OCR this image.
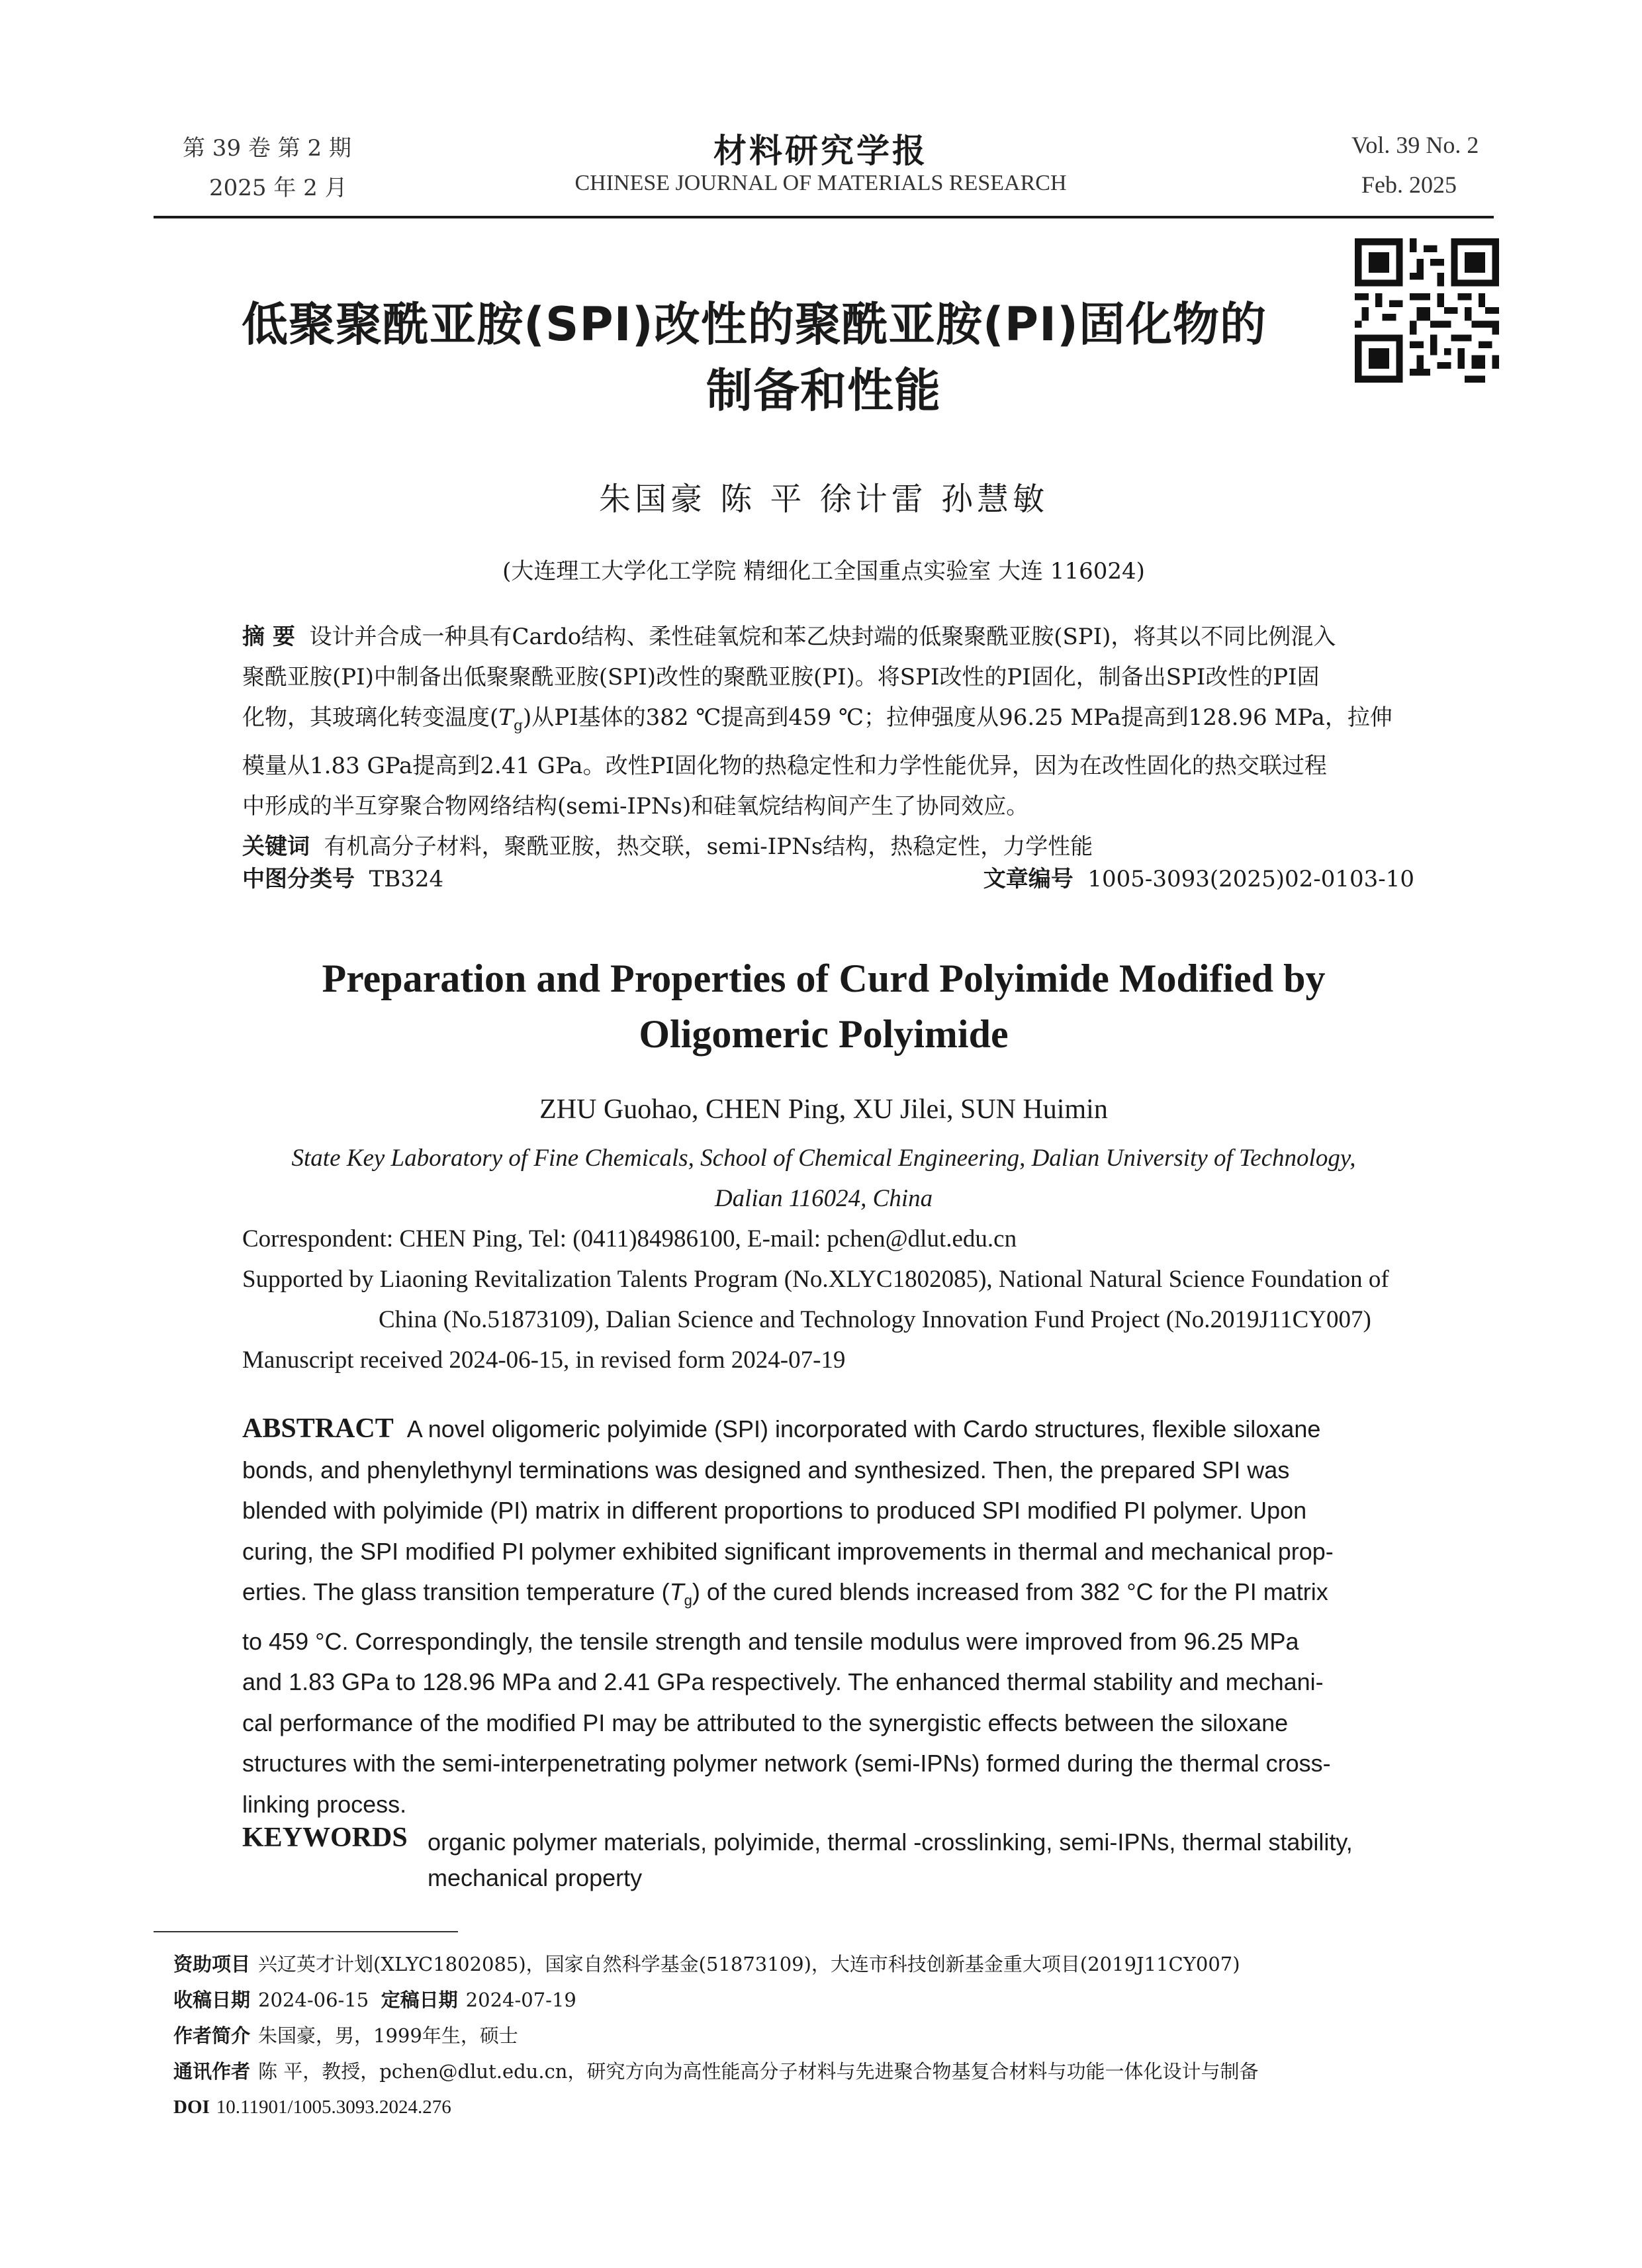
第 39 卷 第 2 期
2025 年 2 月
材料研究学报
CHINESE JOURNAL OF MATERIALS RESEARCH
Vol. 39 No. 2
Feb. 2025
低聚聚酰亚胺(SPI)改性的聚酰亚胺(PI)固化物的
制备和性能
朱国豪 陈 平 徐计雷 孙慧敏
(大连理工大学化工学院 精细化工全国重点实验室 大连 116024)
摘 要 设计并合成一种具有Cardo结构、柔性硅氧烷和苯乙炔封端的低聚聚酰亚胺(SPI)，将其以不同比例混入
聚酰亚胺(PI)中制备出低聚聚酰亚胺(SPI)改性的聚酰亚胺(PI)。将SPI改性的PI固化，制备出SPI改性的PI固
化物，其玻璃化转变温度$(T_g)$从PI基体的382 ℃提高到459 ℃；拉伸强度从96.25 MPa提高到128.96 MPa，拉伸
模量从1.83 GPa提高到2.41 GPa。改性PI固化物的热稳定性和力学性能优异，因为在改性固化的热交联过程
中形成的半互穿聚合物网络结构(semi-IPNs)和硅氧烷结构间产生了协同效应。
关键词 有机高分子材料，聚酰亚胺，热交联，semi-IPNs结构，热稳定性，力学性能
中图分类号 TB324	文章编号 1005-3093(2025)02-0103-10
Preparation and Properties of Curd Polyimide Modified by
Oligomeric Polyimide
ZHU Guohao, CHEN Ping, XU Jilei, SUN Huimin
State Key Laboratory of Fine Chemicals, School of Chemical Engineering, Dalian University of Technology,
Dalian 116024, China
Correspondent: CHEN Ping, Tel: (0411)84986100, E-mail: pchen@dlut.edu.cn
Supported by Liaoning Revitalization Talents Program (No.XLYC1802085), National Natural Science Foundation of
China (No.51873109), Dalian Science and Technology Innovation Fund Project (No.2019J11CY007)
Manuscript received 2024-06-15, in revised form 2024-07-19
ABSTRACT A novel oligomeric polyimide (SPI) incorporated with Cardo structures, flexible siloxane
bonds, and phenylethynyl terminations was designed and synthesized. Then, the prepared SPI was
blended with polyimide (PI) matrix in different proportions to produced SPI modified PI polymer. Upon
curing, the SPI modified PI polymer exhibited significant improvements in thermal and mechanical prop-
erties. The glass transition temperature $(T_g)$ of the cured blends increased from 382 °C for the PI matrix
to 459 °C. Correspondingly, the tensile strength and tensile modulus were improved from 96.25 MPa
and 1.83 GPa to 128.96 MPa and 2.41 GPa respectively. The enhanced thermal stability and mechani-
cal performance of the modified PI may be attributed to the synergistic effects between the siloxane
structures with the semi-interpenetrating polymer network (semi-IPNs) formed during the thermal cross-
linking process.
KEYWORDS organic polymer materials, polyimide, thermal -crosslinking, semi-IPNs, thermal stability,
mechanical property
资助项目 兴辽英才计划(XLYC1802085)，国家自然科学基金(51873109)，大连市科技创新基金重大项目(2019J11CY007)
收稿日期 2024-06-15 定稿日期 2024-07-19
作者简介 朱国豪，男，1999年生，硕士
通讯作者 陈 平，教授，pchen@dlut.edu.cn，研究方向为高性能高分子材料与先进聚合物基复合材料与功能一体化设计与制备
DOI 10.11901/1005.3093.2024.276
